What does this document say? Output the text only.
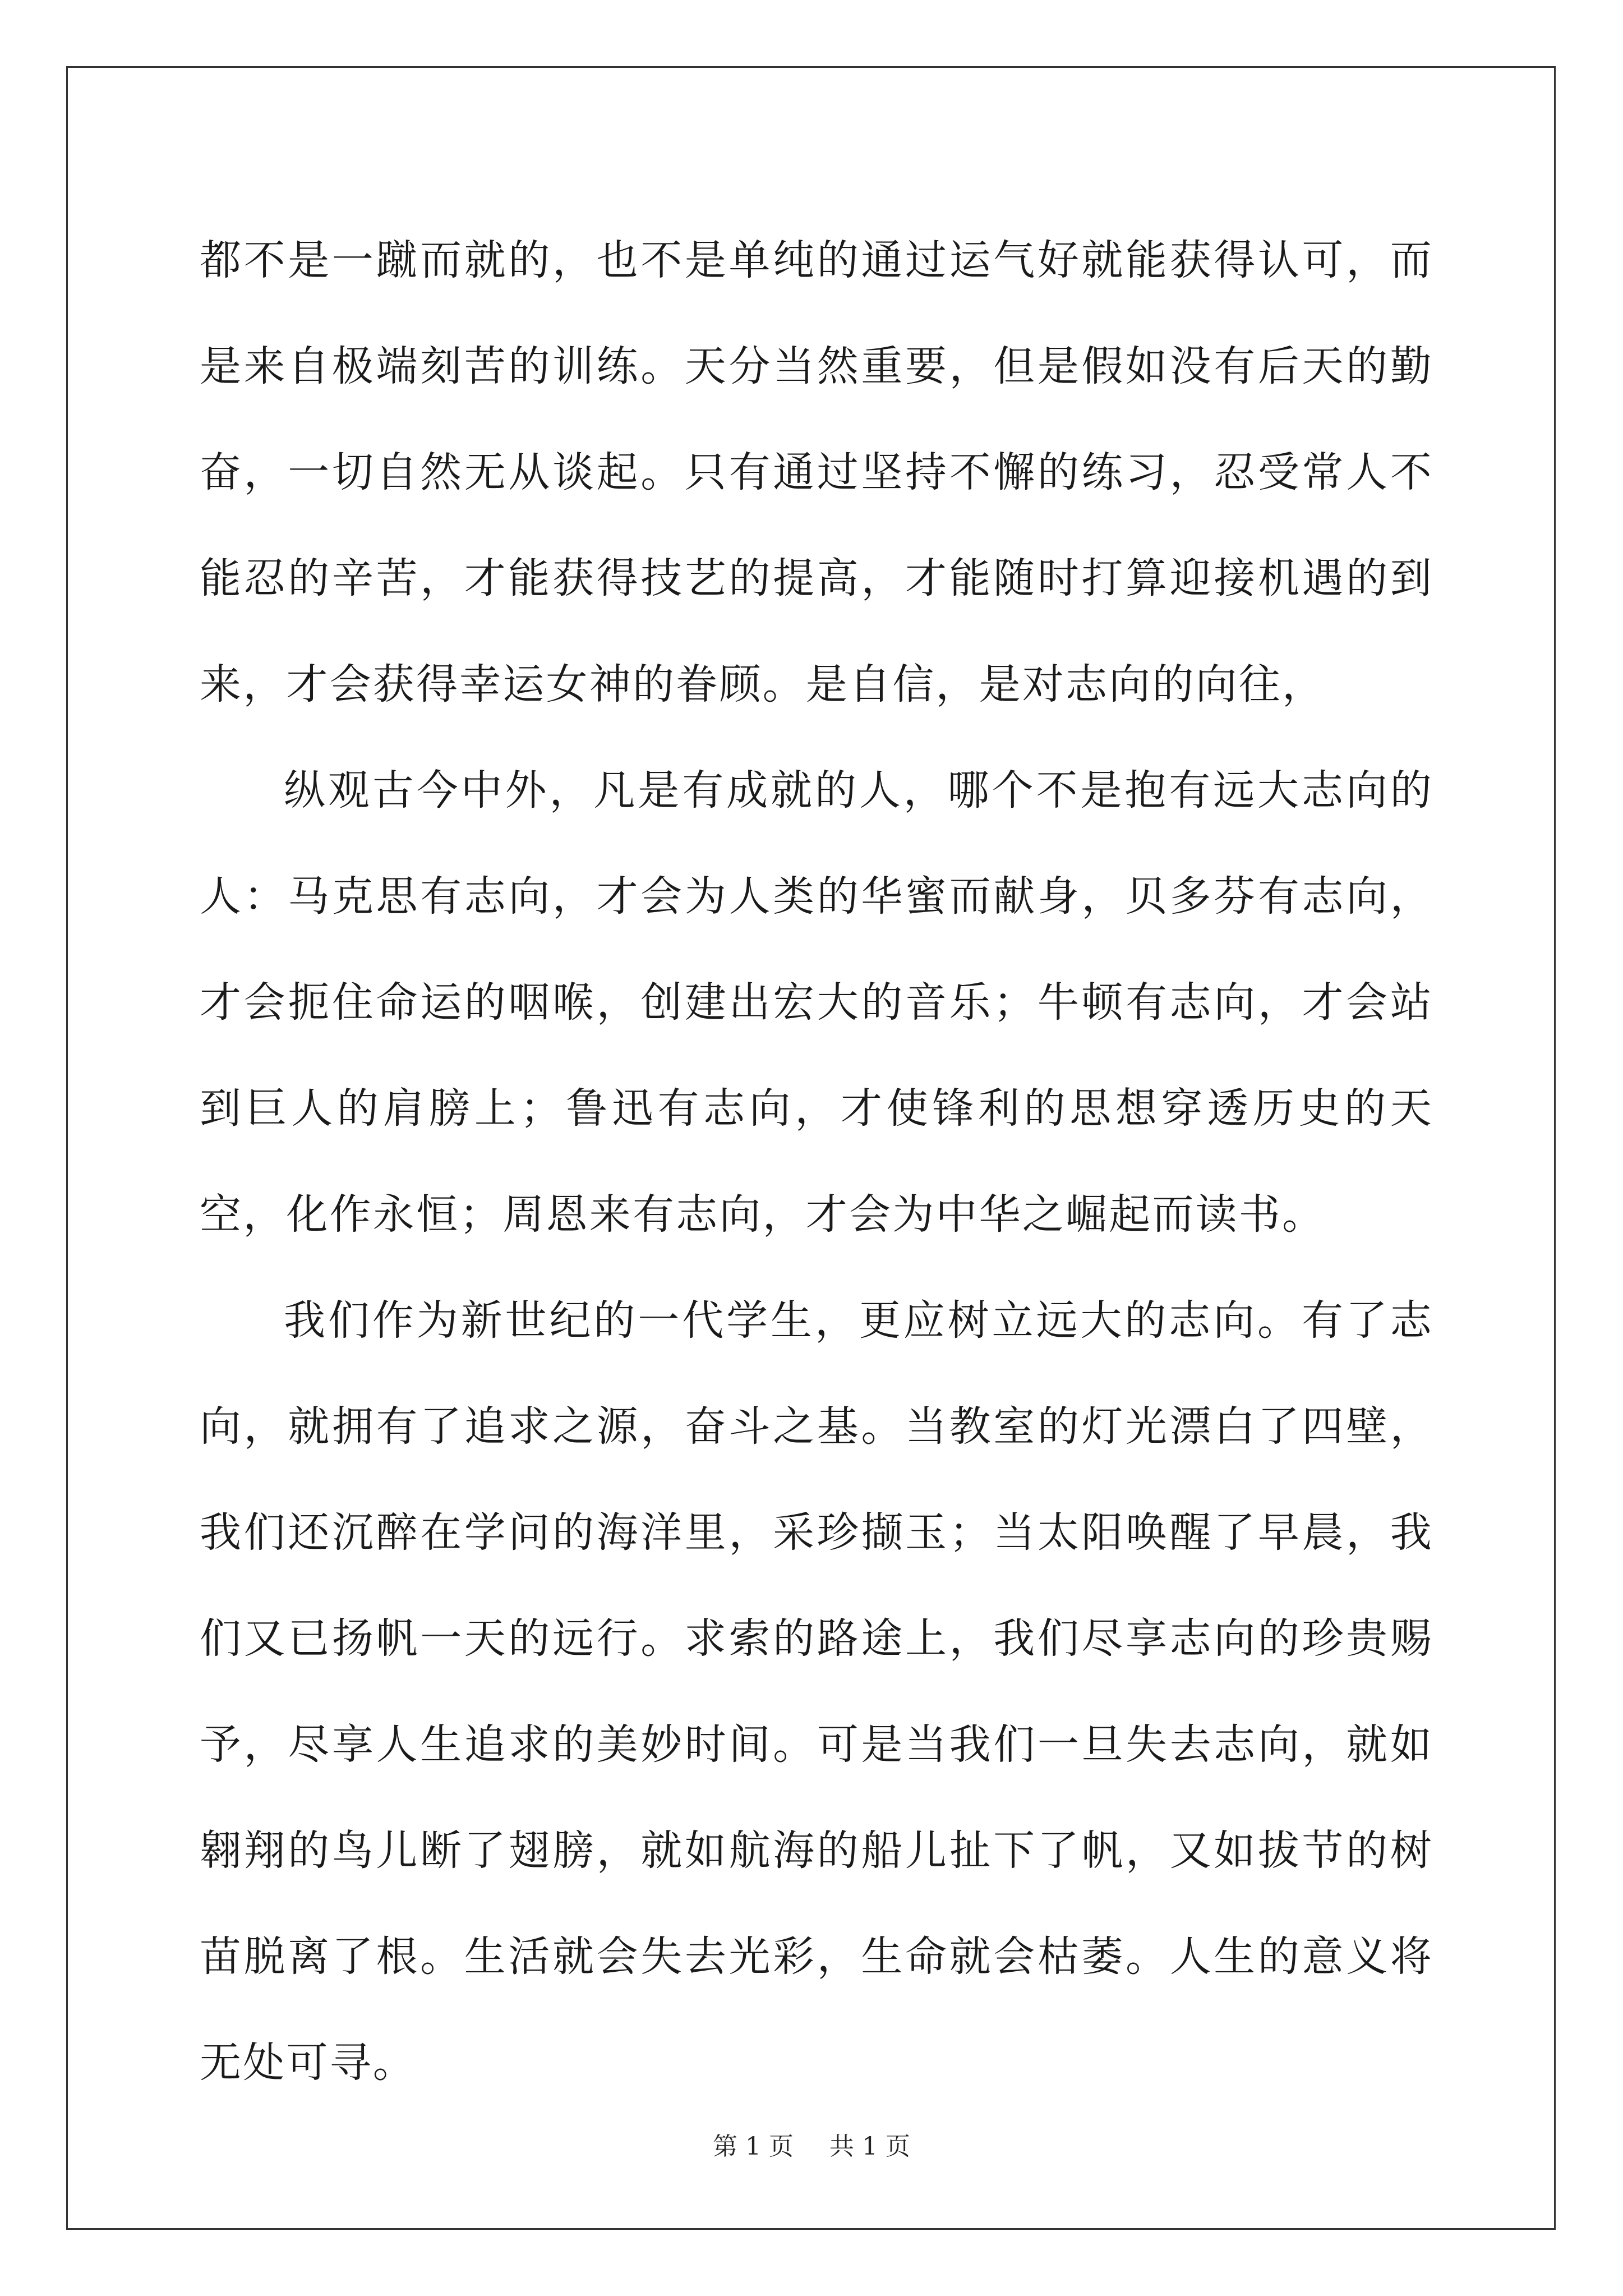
都不是一蹴而就的，也不是单纯的通过运气好就能获得认可，而是来自极端刻苦的训练。天分当然重要，但是假如没有后天的勤奋，一切自然无从谈起。只有通过坚持不懈的练习，忍受常人不能忍的辛苦，才能获得技艺的提高，才能随时打算迎接机遇的到来，才会获得幸运女神的眷顾。是自信，是对志向的向往，

纵观古今中外，凡是有成就的人，哪个不是抱有远大志向的人：马克思有志向，才会为人类的华蜜而献身，贝多芬有志向，才会扼住命运的咽喉，创建出宏大的音乐；牛顿有志向，才会站到巨人的肩膀上；鲁迅有志向，才使锋利的思想穿透历史的天空，化作永恒；周恩来有志向，才会为中华之崛起而读书。

我们作为新世纪的一代学生，更应树立远大的志向。有了志向，就拥有了追求之源，奋斗之基。当教室的灯光漂白了四壁，我们还沉醉在学问的海洋里，采珍撷玉；当太阳唤醒了早晨，我们又已扬帆一天的远行。求索的路途上，我们尽享志向的珍贵赐予，尽享人生追求的美妙时间。可是当我们一旦失去志向，就如翱翔的鸟儿断了翅膀，就如航海的船儿扯下了帆，又如拔节的树苗脱离了根。生活就会失去光彩，生命就会枯萎。人生的意义将无处可寻。

第 1 页 共 1 页
